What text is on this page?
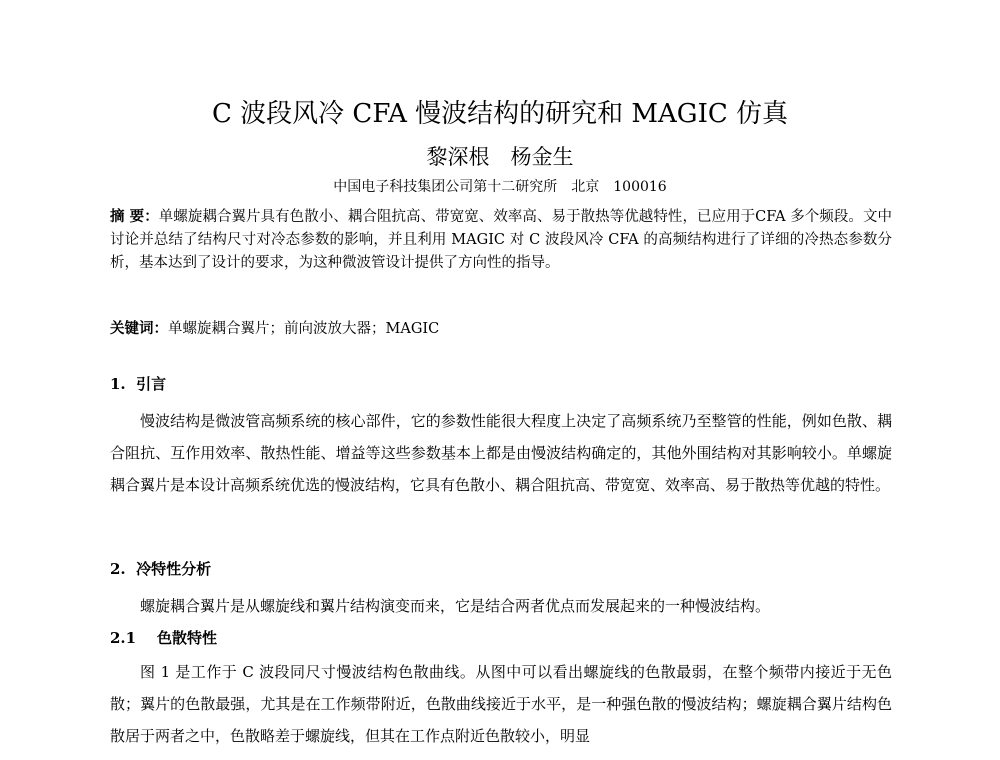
C 波段风冷 CFA 慢波结构的研究和 MAGIC 仿真
黎深根　杨金生
中国电子科技集团公司第十二研究所　北京　100016
摘 要：单螺旋耦合翼片具有色散小、耦合阻抗高、带宽宽、效率高、易于散热等优越特性，已应用于CFA 多个频段。文中讨论并总结了结构尺寸对冷态参数的影响，并且利用 MAGIC 对 C 波段风冷 CFA 的高频结构进行了详细的冷热态参数分析，基本达到了设计的要求，为这种微波管设计提供了方向性的指导。
关键词：单螺旋耦合翼片；前向波放大器；MAGIC
1.  引言
慢波结构是微波管高频系统的核心部件，它的参数性能很大程度上决定了高频系统乃至整管的性能，例如色散、耦合阻抗、互作用效率、散热性能、增益等这些参数基本上都是由慢波结构确定的，其他外围结构对其影响较小。单螺旋耦合翼片是本设计高频系统优选的慢波结构，它具有色散小、耦合阻抗高、带宽宽、效率高、易于散热等优越的特性。
2.  冷特性分析
螺旋耦合翼片是从螺旋线和翼片结构演变而来，它是结合两者优点而发展起来的一种慢波结构。
2.1    色散特性
图 1 是工作于 C 波段同尺寸慢波结构色散曲线。从图中可以看出螺旋线的色散最弱，在整个频带内接近于无色散；翼片的色散最强，尤其是在工作频带附近，色散曲线接近于水平，是一种强色散的慢波结构；螺旋耦合翼片结构色散居于两者之中，色散略差于螺旋线，但其在工作点附近色散较小，明显
